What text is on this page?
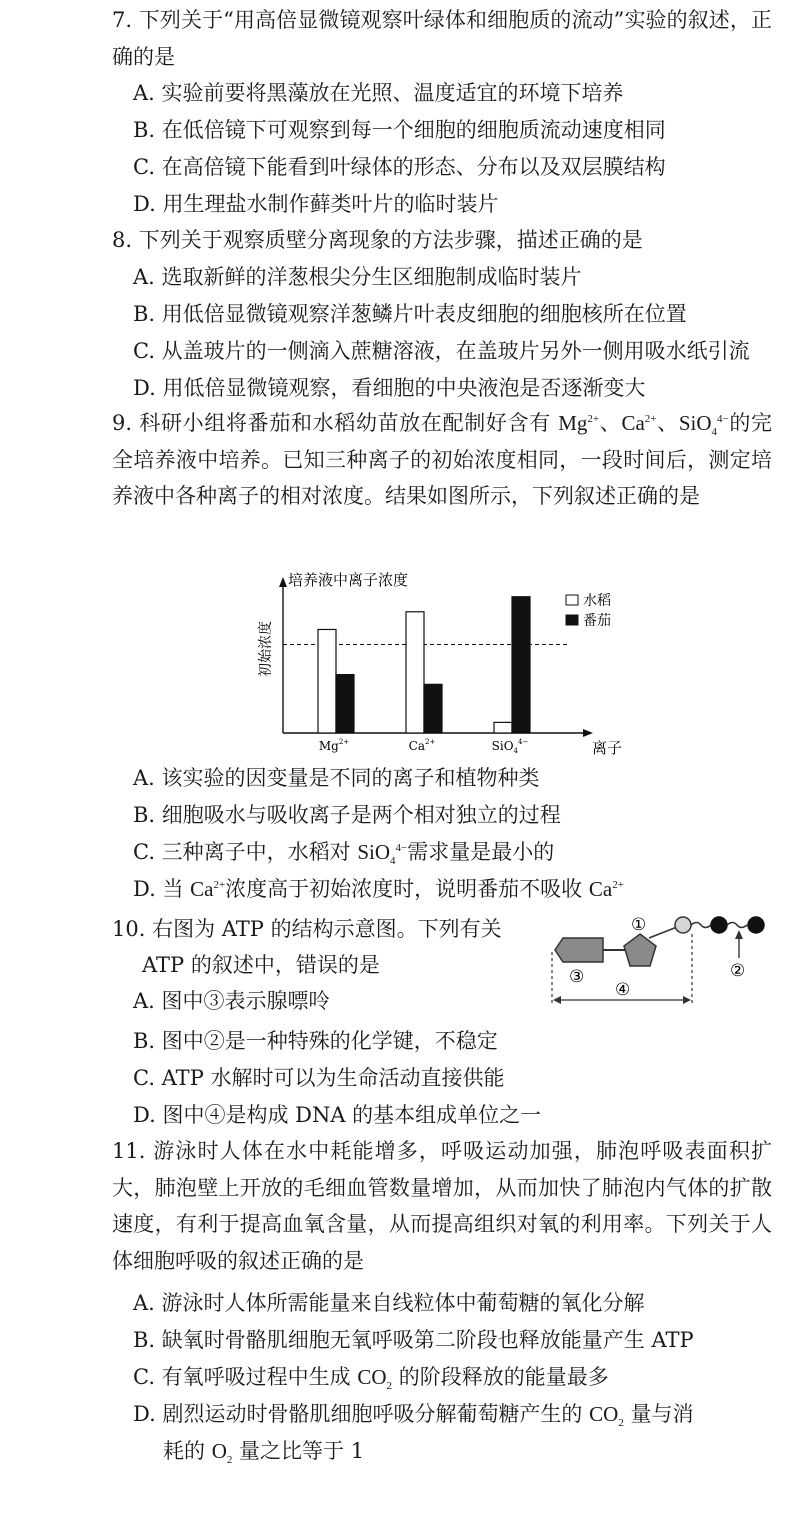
7. 下列关于“用高倍显微镜观察叶绿体和细胞质的流动”实验的叙述，正确的是
A. 实验前要将黑藻放在光照、温度适宜的环境下培养
B. 在低倍镜下可观察到每一个细胞的细胞质流动速度相同
C. 在高倍镜下能看到叶绿体的形态、分布以及双层膜结构
D. 用生理盐水制作藓类叶片的临时装片
8. 下列关于观察质壁分离现象的方法步骤，描述正确的是
A. 选取新鲜的洋葱根尖分生区细胞制成临时装片
B. 用低倍显微镜观察洋葱鳞片叶表皮细胞的细胞核所在位置
C. 从盖玻片的一侧滴入蔗糖溶液，在盖玻片另外一侧用吸水纸引流
D. 用低倍显微镜观察，看细胞的中央液泡是否逐渐变大
9. 科研小组将番茄和水稻幼苗放在配制好含有 $Mg^{2+}$、$Ca^{2+}$、SiO$_4^{4-}$的完全培养液中培养。已知三种离子的初始浓度相同，一段时间后，测定培养液中各种离子的相对浓度。结果如图所示，下列叙述正确的是
培养液中离子浓度
离子
初始浓度
$Mg^{2+}$	$Ca^{2+}$	SiO$_4^{4-}$
水稻
番茄
A. 该实验的因变量是不同的离子和植物种类
B. 细胞吸水与吸收离子是两个相对独立的过程
C. 三种离子中，水稻对 SiO$_4^{4-}$需求量是最小的
D. 当 $Ca^{2+}$浓度高于初始浓度时，说明番茄不吸收 $Ca^{2+}$
10. 右图为 ATP 的结构示意图。下列有关
ATP 的叙述中，错误的是
A. 图中③表示腺嘌呤
B. 图中②是一种特殊的化学键，不稳定
C. ATP 水解时可以为生命活动直接供能
D. 图中④是构成 DNA 的基本组成单位之一
①
③	②
④
11. 游泳时人体在水中耗能增多，呼吸运动加强，肺泡呼吸表面积扩大，肺泡壁上开放的毛细血管数量增加，从而加快了肺泡内气体的扩散速度，有利于提高血氧含量，从而提高组织对氧的利用率。下列关于人体细胞呼吸的叙述正确的是
A. 游泳时人体所需能量来自线粒体中葡萄糖的氧化分解
B. 缺氧时骨骼肌细胞无氧呼吸第二阶段也释放能量产生 ATP
C. 有氧呼吸过程中生成 $CO_2$ 的阶段释放的能量最多
D. 剧烈运动时骨骼肌细胞呼吸分解葡萄糖产生的 $CO_2$ 量与消
耗的 $O_2$ 量之比等于 1
